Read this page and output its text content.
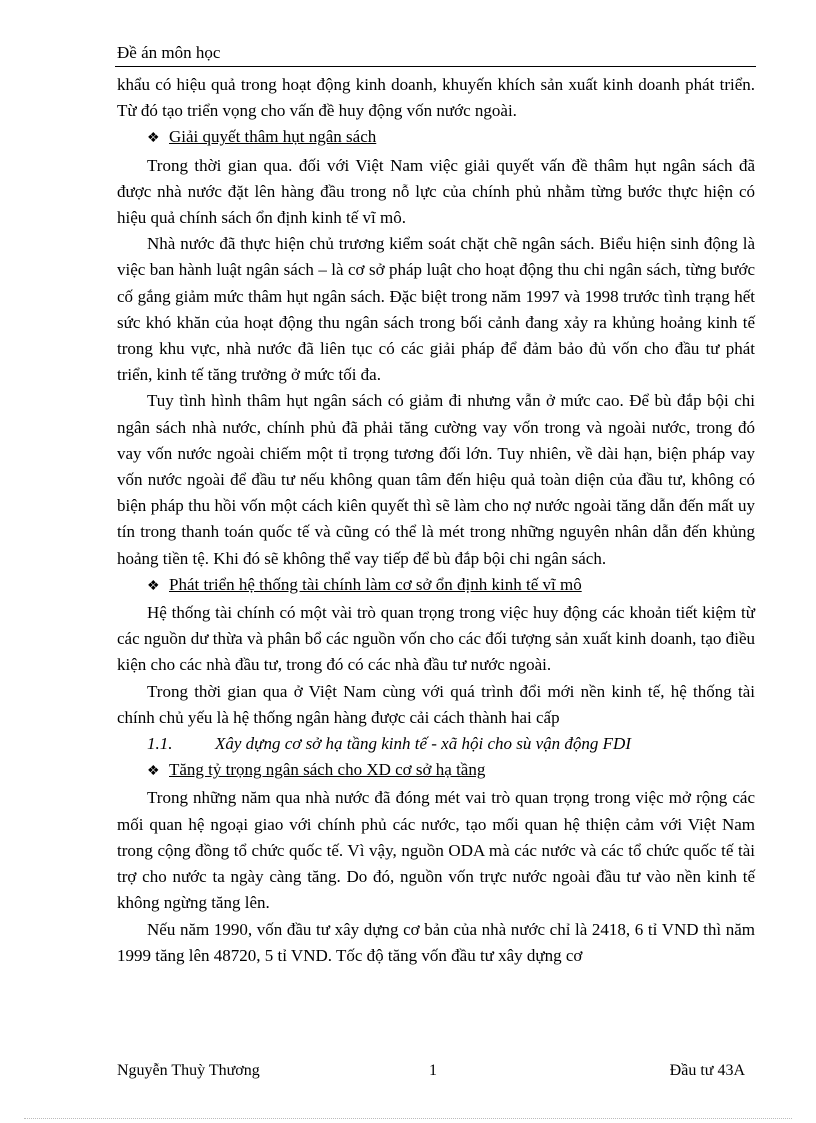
Đề án môn học

khẩu có hiệu quả trong hoạt động kinh doanh, khuyến khích sản xuất kinh doanh phát triển. Từ đó tạo triển vọng cho vấn đề huy động vốn nước ngoài.

❖ Giải quyết thâm hụt ngân sách

Trong thời gian qua. đối với Việt Nam việc giải quyết vấn đề thâm hụt ngân sách đã được nhà nước đặt lên hàng đầu trong nỗ lực của chính phủ nhằm từng bước thực hiện có hiệu quả chính sách ổn định kinh tế vĩ mô.

Nhà nước đã thực hiện chủ trương kiểm soát chặt chẽ ngân sách. Biểu hiện sinh động là việc ban hành luật ngân sách – là cơ sở pháp luật cho hoạt động thu chi ngân sách, từng bước cố gắng giảm mức thâm hụt ngân sách. Đặc biệt trong năm 1997 và 1998 trước tình trạng hết sức khó khăn của hoạt động thu ngân sách trong bối cảnh đang xảy ra khủng hoảng kinh tế trong khu vực, nhà nước đã liên tục có các giải pháp để đảm bảo đủ vốn cho đầu tư phát triển, kinh tế tăng trưởng ở mức tối đa.

Tuy tình hình thâm hụt ngân sách có giảm đi nhưng vẫn ở mức cao. Để bù đắp bội chi ngân sách nhà nước, chính phủ đã phải tăng cường vay vốn trong và ngoài nước, trong đó vay vốn nước ngoài chiếm một tỉ trọng tương đối lớn. Tuy nhiên, về dài hạn, biện pháp vay vốn nước ngoài để đầu tư nếu không quan tâm đến hiệu quả toàn diện của đầu tư, không có biện pháp thu hồi vốn một cách kiên quyết thì sẽ làm cho nợ nước ngoài tăng dẫn đến mất uy tín trong thanh toán quốc tế và cũng có thể là mét trong những nguyên nhân dẫn đến khủng hoảng tiền tệ. Khi đó sẽ không thể vay tiếp để bù đắp bội chi ngân sách.

❖ Phát triển hệ thống tài chính làm cơ sở ổn định kinh tế vĩ mô

Hệ thống tài chính có một vài trò quan trọng trong việc huy động các khoản tiết kiệm từ các nguồn dư thừa và phân bổ các nguồn vốn cho các đối tượng sản xuất kinh doanh, tạo điều kiện cho các nhà đầu tư, trong đó có các nhà đầu tư nước ngoài.

Trong thời gian qua ở Việt Nam cùng với quá trình đổi mới nền kinh tế, hệ thống tài chính chủ yếu là hệ thống ngân hàng được cải cách thành hai cấp

1.1.	Xây dựng cơ sở hạ tầng kinh tế - xã hội cho sù vận động FDI

❖ Tăng tỷ trọng ngân sách cho XD cơ sở hạ tầng

Trong những năm qua nhà nước đã đóng mét vai trò quan trọng trong việc mở rộng các mối quan hệ ngoại giao với chính phủ các nước, tạo mối quan hệ thiện cảm với Việt Nam trong cộng đồng tổ chức quốc tế. Vì vậy, nguồn ODA mà các nước và các tổ chức quốc tế tài trợ cho nước ta ngày càng tăng. Do đó, nguồn vốn trực nước ngoài đầu tư vào nền kinh tế không ngừng tăng lên.

Nếu năm 1990, vốn đầu tư xây dựng cơ bản của nhà nước chỉ là 2418, 6 tỉ VND thì năm 1999 tăng lên 48720, 5 tỉ VND. Tốc độ tăng vốn đầu tư xây dựng cơ

Nguyễn Thuỳ Thương	1	Đầu tư 43A
